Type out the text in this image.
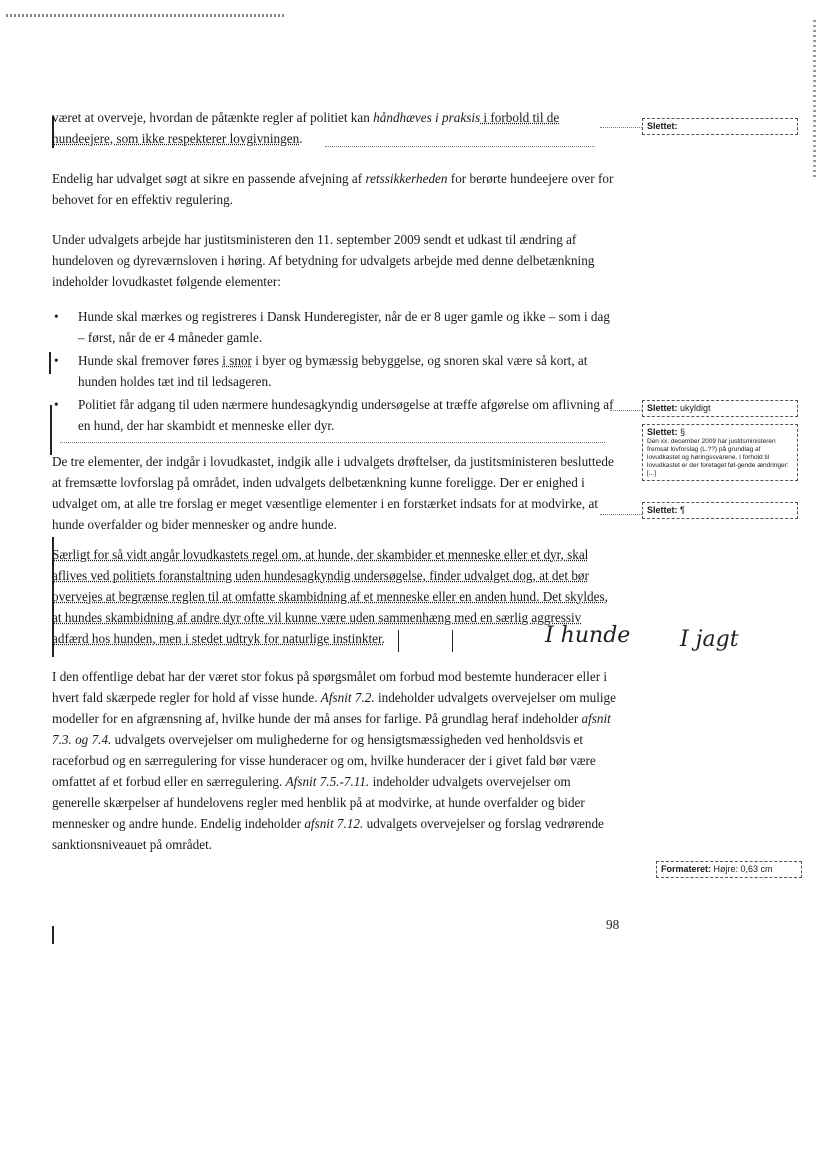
været at overveje, hvordan de påtænkte regler af politiet kan håndhæves i praksis i forbold til de hundeejere, som ikke respekterer lovgivningen.
Endelig har udvalget søgt at sikre en passende afvejning af retssikkerheden for berørte hundeejere over for behovet for en effektiv regulering.
Under udvalgets arbejde har justitsministeren den 11. september 2009 sendt et udkast til ændring af hundeloven og dyreværnsloven i høring. Af betydning for udvalgets arbejde med denne delbetænkning indeholder lovudkastet følgende elementer:
• Hunde skal mærkes og registreres i Dansk Hunderegister, når de er 8 uger gamle og ikke – som i dag – først, når de er 4 måneder gamle.
• Hunde skal fremover føres i snor i byer og bymæssig bebyggelse, og snoren skal være så kort, at hunden holdes tæt ind til ledsageren.
• Politiet får adgang til uden nærmere hundesagkyndig undersøgelse at træffe afgørelse om aflivning af en hund, der har skambidt et menneske eller dyr.
De tre elementer, der indgår i lovudkastet, indgik alle i udvalgets drøftelser, da justitsministeren besluttede at fremsætte lovforslag på området, inden udvalgets delbetænkning kunne foreligge. Der er enighed i udvalget om, at alle tre forslag er meget væsentlige elementer i en forstærket indsats for at modvirke, at hunde overfalder og bider mennesker og andre hunde.
Særligt for så vidt angår lovudkastets regel om, at hunde, der skambider et menneske eller et dyr, skal aflives ved politiets foranstaltning uden hundesagkyndig undersøgelse, finder udvalget dog, at det bør overvejes at begrænse reglen til at omfatte skambidning af et menneske eller en anden hund. Det skyldes, at hundes skambidning af andre dyr ofte vil kunne være uden sammenhæng med en særlig aggressiv adfærd hos hunden, men i stedet udtryk for naturlige instinkter.
I den offentlige debat har der været stor fokus på spørgsmålet om forbud mod bestemte hunderacer eller i hvert fald skærpede regler for hold af visse hunde. Afsnit 7.2. indeholder udvalgets overvejelser om mulige modeller for en afgrænsning af, hvilke hunde der må anses for farlige. På grundlag heraf indeholder afsnit 7.3. og 7.4. udvalgets overvejelser om mulighederne for og hensigtsmæssigheden ved henholdsvis et raceforbud og en særregulering for visse hunderacer og om, hvilke hunderacer der i givet fald bør være omfattet af et forbud eller en særregulering. Afsnit 7.5.-7.11. indeholder udvalgets overvejelser om generelle skærpelser af hundelovens regler med henblik på at modvirke, at hunde overfalder og bider mennesker og andre hunde. Endelig indeholder afsnit 7.12. udvalgets overvejelser og forslag vedrørende sanktionsniveauet på området.
I hunde I jagt
Slettet:
Slettet: ukyldigt
Slettet: §
Den xx. december 2009 har justitsministeren fremsat lovforslag (L.??) på grundlag af lovudkastet og høringssvarene. I forhold til lovudkastet er der foretaget føl-gende ændringer: [...]
Slettet: ¶
Formateret: Højre: 0,63 cm
98
